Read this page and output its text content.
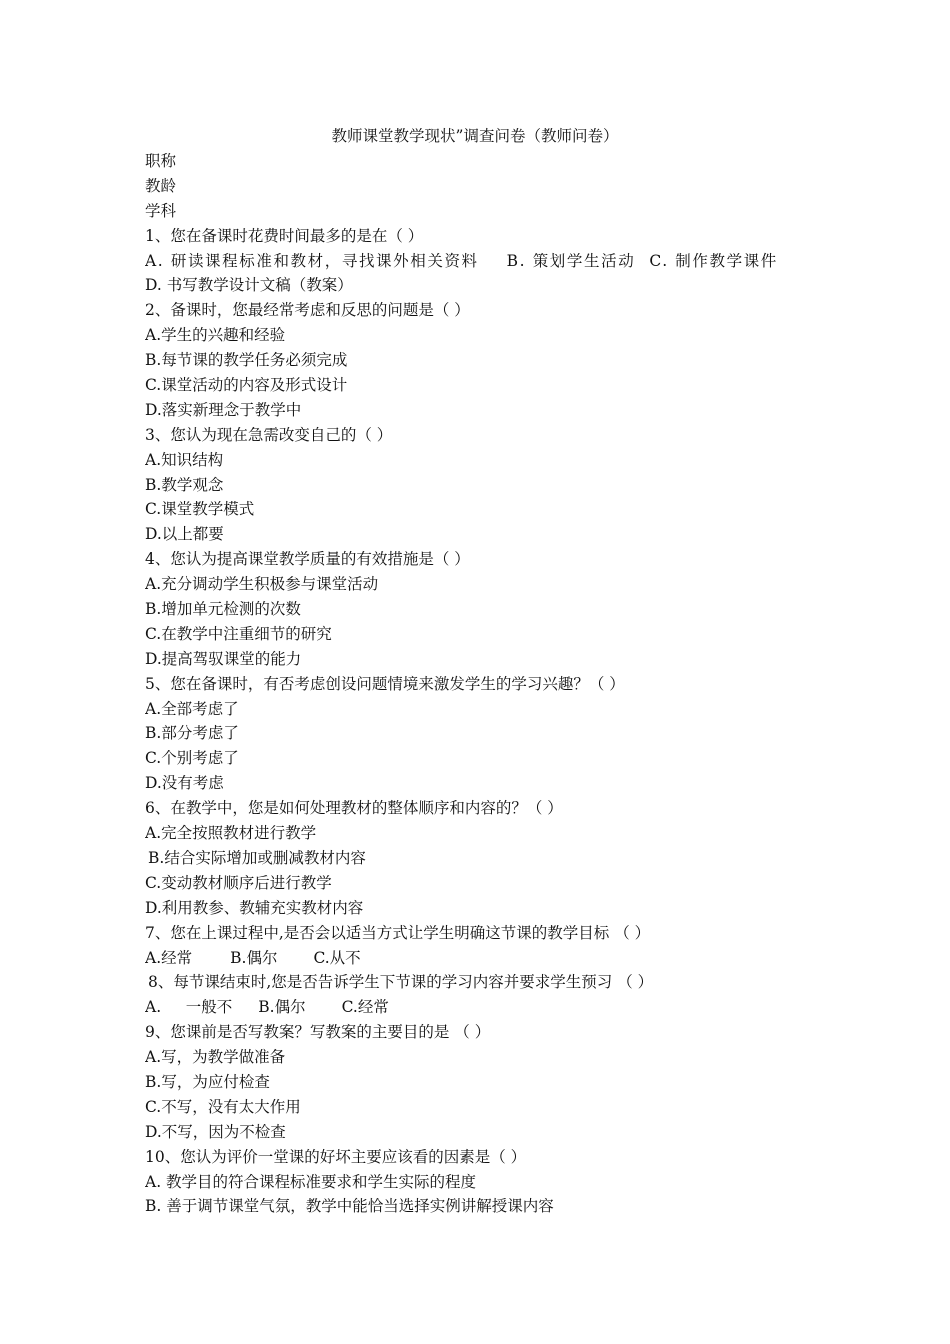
教师课堂教学现状”调查问卷（教师问卷）
职称
教龄
学科
1、您在备课时花费时间最多的是在（ ）
A. 研读课程标准和教材，寻找课外相关资料 B. 策划学生活动 C. 制作教学课件
D. 书写教学设计文稿（教案）
2、备课时，您最经常考虑和反思的问题是（ ）
A.学生的兴趣和经验
B.每节课的教学任务必须完成
C.课堂活动的内容及形式设计
D.落实新理念于教学中
3、您认为现在急需改变自己的（ ）
A.知识结构
B.教学观念
C.课堂教学模式
D.以上都要
4、您认为提高课堂教学质量的有效措施是（ ）
A.充分调动学生积极参与课堂活动
B.增加单元检测的次数
C.在教学中注重细节的研究
D.提高驾驭课堂的能力
5、您在备课时，有否考虑创设问题情境来激发学生的学习兴趣？（ ）
A.全部考虑了
B.部分考虑了
C.个别考虑了
D.没有考虑
6、在教学中，您是如何处理教材的整体顺序和内容的？（ ）
A.完全按照教材进行教学
B.结合实际增加或删减教材内容
C.变动教材顺序后进行教学
D.利用教参、教辅充实教材内容
7、您在上课过程中,是否会以适当方式让学生明确这节课的教学目标 （ ）
A.经常 B.偶尔 C.从不
8、每节课结束时,您是否告诉学生下节课的学习内容并要求学生预习 （ ）
A.     一般不 B.偶尔 C.经常
9、您课前是否写教案？写教案的主要目的是 （ ）
A.写，为教学做准备
B.写，为应付检查
C.不写，没有太大作用
D.不写，因为不检查
10、您认为评价一堂课的好坏主要应该看的因素是（ ）
A. 教学目的符合课程标准要求和学生实际的程度
B. 善于调节课堂气氛，教学中能恰当选择实例讲解授课内容
